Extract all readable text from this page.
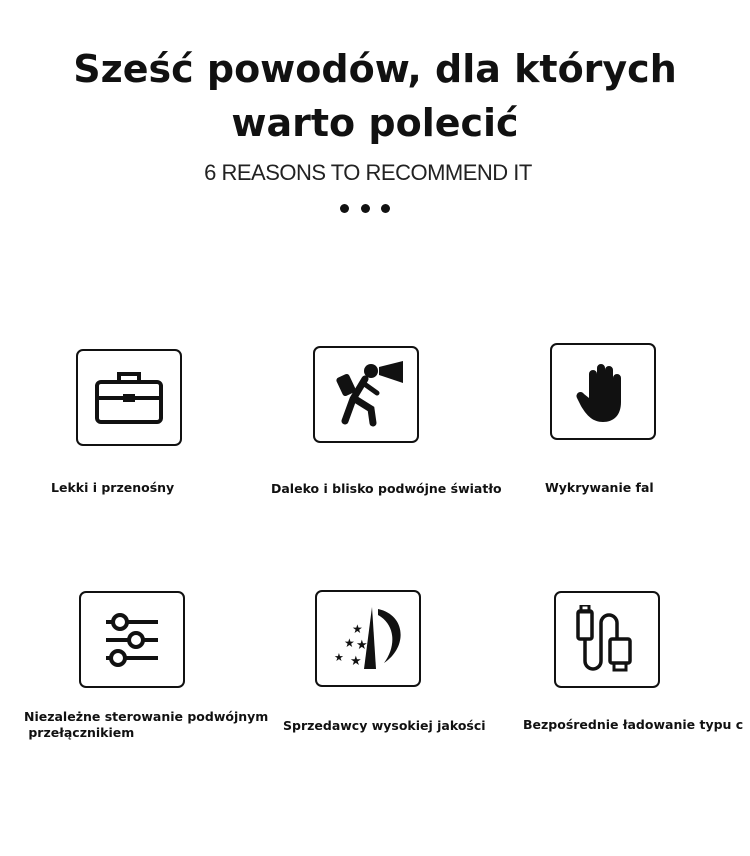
Sześć powodów, dla których
warto polecić
6 REASONS TO RECOMMEND IT
Lekki i przenośny	Daleko i blisko podwójne światło	Wykrywanie fal
★
★ ★
★ ★
Niezależne sterowanie podwójnym
przełącznikiem	Sprzedawcy wysokiej jakości	Bezpośrednie ładowanie typu c
